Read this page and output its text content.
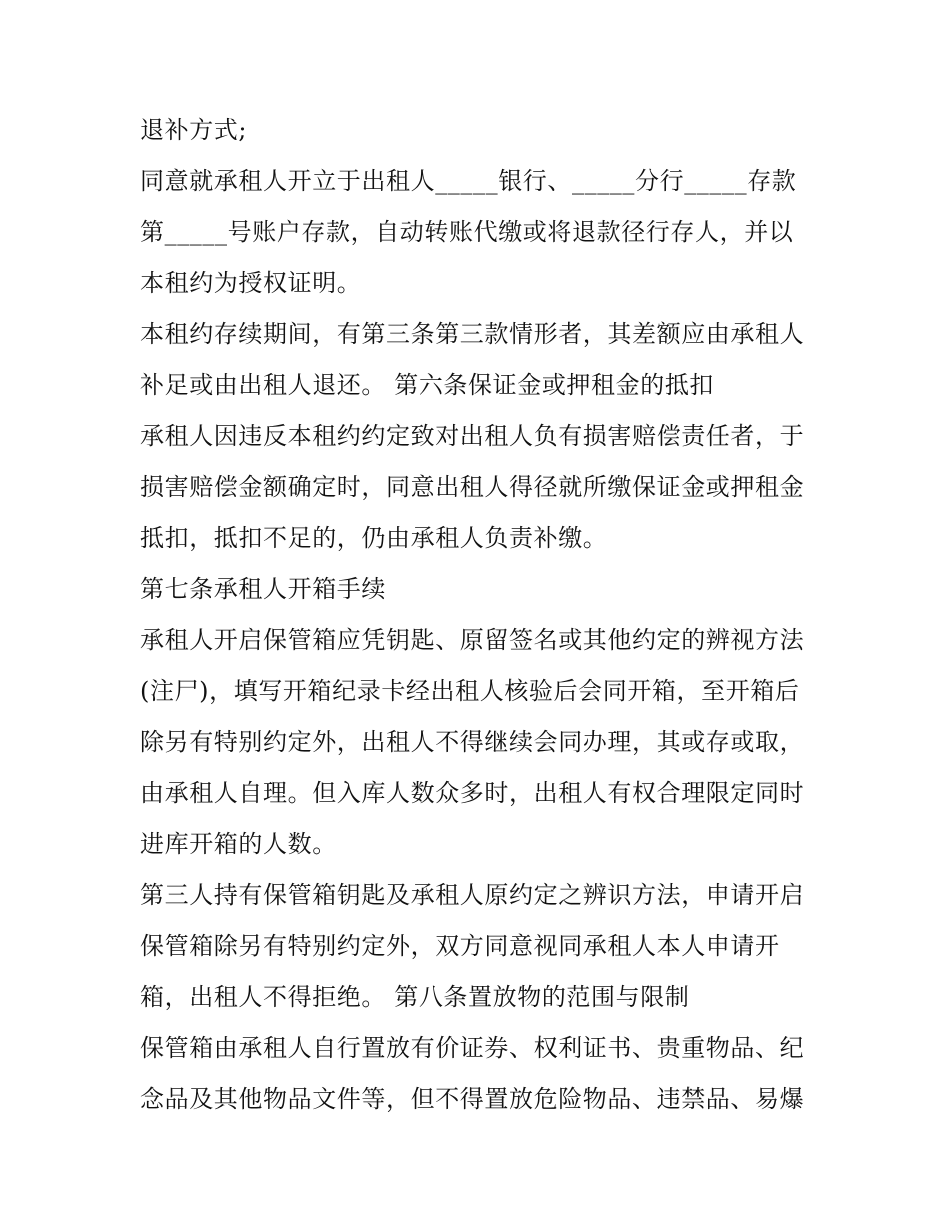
退补方式;
同意就承租人开立于出租人_____银行、_____分行_____存款
第_____号账户存款，自动转账代缴或将退款径行存人，并以
本租约为授权证明。
本租约存续期间，有第三条第三款情形者，其差额应由承租人
补足或由出租人退还。 第六条保证金或押租金的抵扣
承租人因违反本租约约定致对出租人负有损害赔偿责任者，于
损害赔偿金额确定时，同意出租人得径就所缴保证金或押租金
抵扣，抵扣不足的，仍由承租人负责补缴。
第七条承租人开箱手续
承租人开启保管箱应凭钥匙、原留签名或其他约定的辨视方法
(注尸)，填写开箱纪录卡经出租人核验后会同开箱，至开箱后
除另有特别约定外，出租人不得继续会同办理，其或存或取，
由承租人自理。但入库人数众多时，出租人有权合理限定同时
进库开箱的人数。
第三人持有保管箱钥匙及承租人原约定之辨识方法，申请开启
保管箱除另有特别约定外，双方同意视同承租人本人申请开
箱，出租人不得拒绝。 第八条置放物的范围与限制
保管箱由承租人自行置放有价证券、权利证书、贵重物品、纪
念品及其他物品文件等，但不得置放危险物品、违禁品、易爆
